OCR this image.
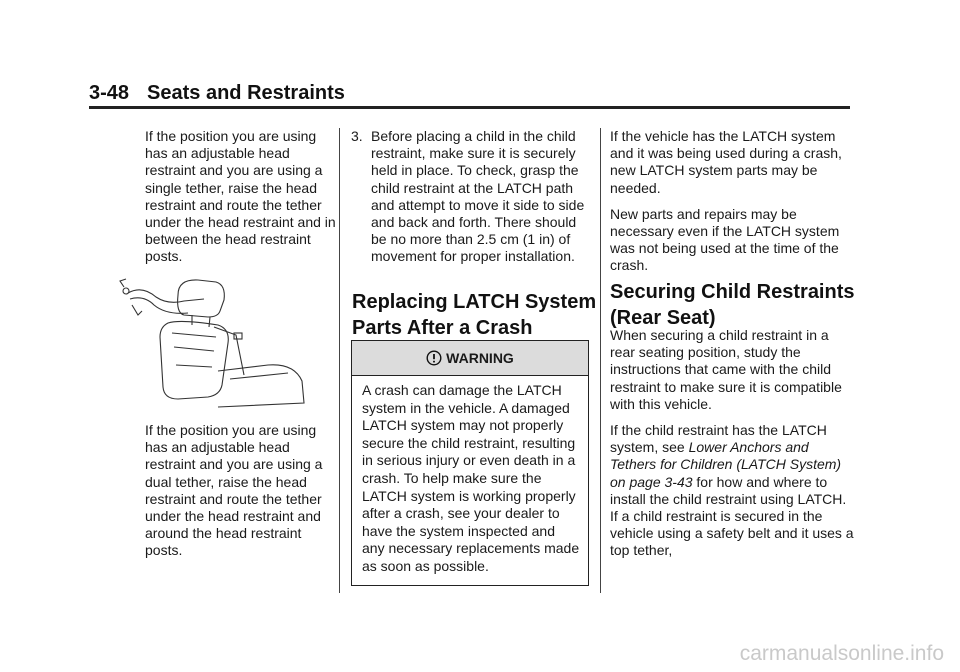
3-48 Seats and Restraints

If the position you are using has an adjustable head restraint and you are using a single tether, raise the head restraint and route the tether under the head restraint and in between the head restraint posts.

If the position you are using has an adjustable head restraint and you are using a dual tether, raise the head restraint and route the tether under the head restraint and around the head restraint posts.

3. Before placing a child in the child restraint, make sure it is securely held in place. To check, grasp the child restraint at the LATCH path and attempt to move it side to side and back and forth. There should be no more than 2.5 cm (1 in) of movement for proper installation.
Replacing LATCH System Parts After a Crash
WARNING
A crash can damage the LATCH system in the vehicle. A damaged LATCH system may not properly secure the child restraint, resulting in serious injury or even death in a crash. To help make sure the LATCH system is working properly after a crash, see your dealer to have the system inspected and any necessary replacements made as soon as possible.

If the vehicle has the LATCH system and it was being used during a crash, new LATCH system parts may be needed.

New parts and repairs may be necessary even if the LATCH system was not being used at the time of the crash.

Securing Child Restraints (Rear Seat)

When securing a child restraint in a rear seating position, study the instructions that came with the child restraint to make sure it is compatible with this vehicle.

If the child restraint has the LATCH system, see Lower Anchors and Tethers for Children (LATCH System) on page 3-43 for how and where to install the child restraint using LATCH. If a child restraint is secured in the vehicle using a safety belt and it uses a top tether,

carmanualsonline.info
